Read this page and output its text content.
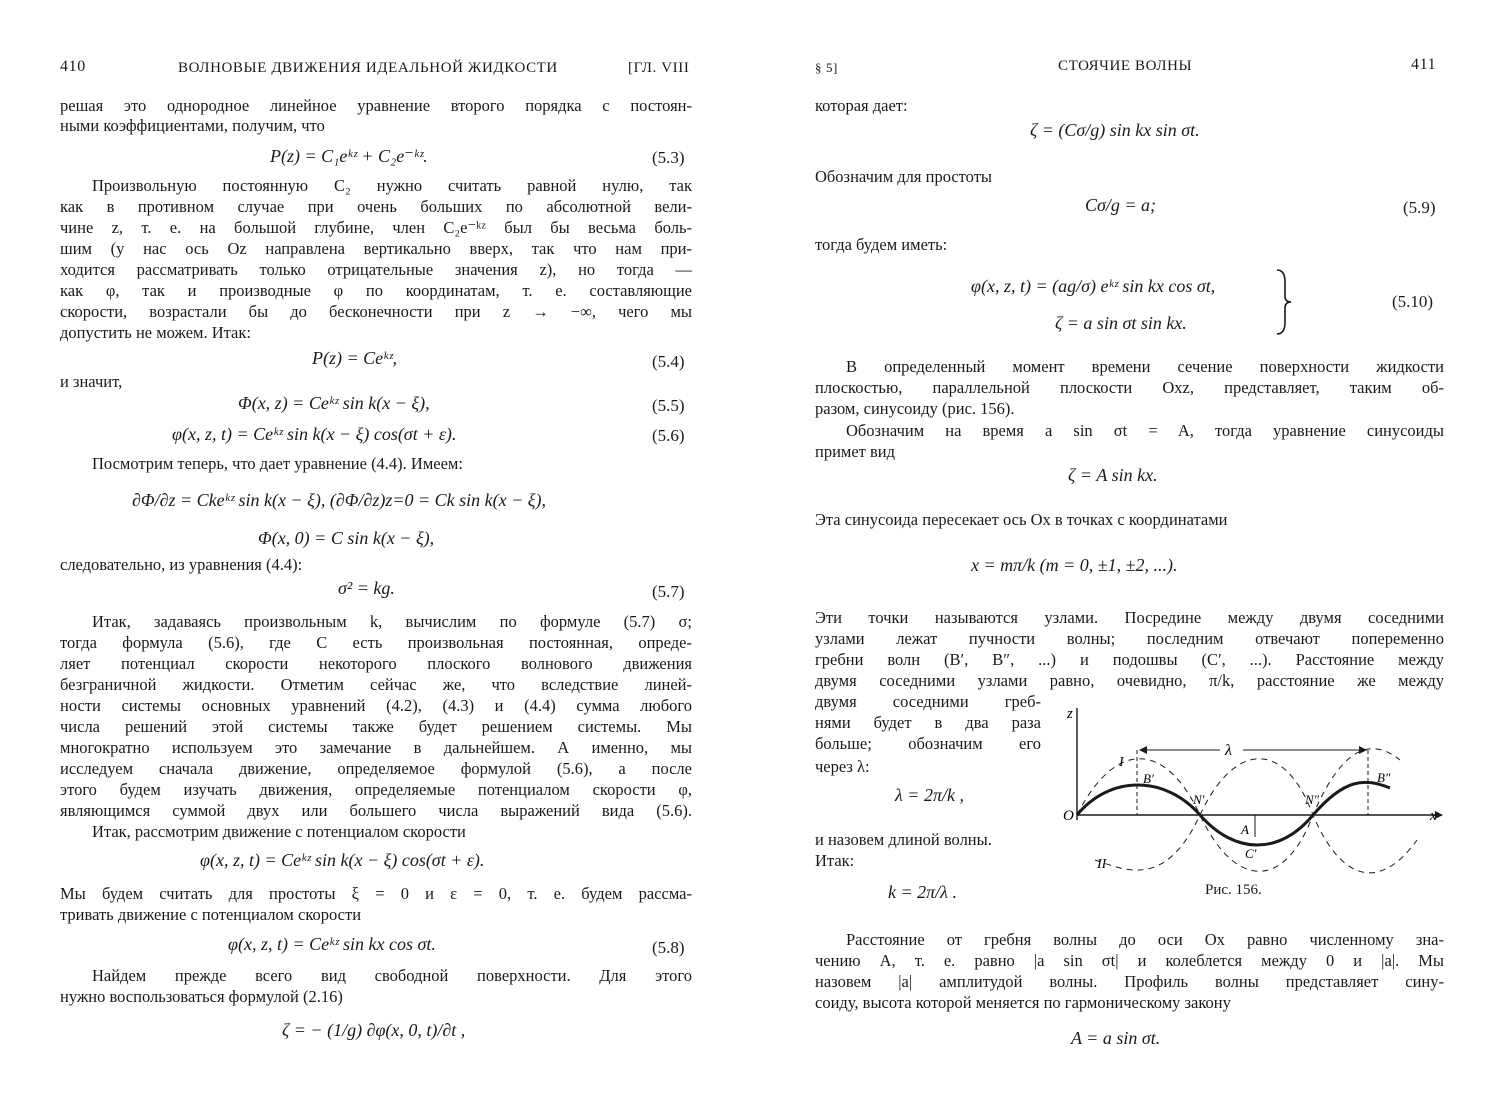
410	ВОЛНОВЫЕ ДВИЖЕНИЯ ИДЕАЛЬНОЙ ЖИДКОСТИ	[ГЛ. VIII
решая это однородное линейное уравнение второго порядка с постоян-
ными коэффициентами, получим, что
P(z) = C₁eᵏᶻ + C₂e⁻ᵏᶻ.	(5.3)
Произвольную постоянную C₂ нужно считать равной нулю, так
как в противном случае при очень больших по абсолютной вели-
чине z, т. е. на большой глубине, член C₂e⁻ᵏᶻ был бы весьма боль-
шим (у нас ось Oz направлена вертикально вверх, так что нам при-
ходится рассматривать только отрицательные значения z), но тогда —
как φ, так и производные φ по координатам, т. е. составляющие
скорости, возрастали бы до бесконечности при z → −∞, чего мы
допустить не можем. Итак:
P(z) = Ceᵏᶻ,	(5.4)
и значит,
Φ(x, z) = Ceᵏᶻ sin k(x − ξ),	(5.5)
φ(x, z, t) = Ceᵏᶻ sin k(x − ξ) cos(σt + ε).	(5.6)
Посмотрим теперь, что дает уравнение (4.4). Имеем:
∂Φ/∂z = Ckeᵏᶻ sin k(x − ξ), (∂Φ/∂z)z=0 = Ck sin k(x − ξ),
Φ(x, 0) = C sin k(x − ξ),
следовательно, из уравнения (4.4):
σ² = kg.	(5.7)
Итак, задаваясь произвольным k, вычислим по формуле (5.7) σ;
тогда формула (5.6), где C есть произвольная постоянная, опреде-
ляет потенциал скорости некоторого плоского волнового движения
безграничной жидкости. Отметим сейчас же, что вследствие линей-
ности системы основных уравнений (4.2), (4.3) и (4.4) сумма любого
числа решений этой системы также будет решением системы. Мы
многократно используем это замечание в дальнейшем. А именно, мы
исследуем сначала движение, определяемое формулой (5.6), а после
этого будем изучать движения, определяемые потенциалом скорости φ,
являющимся суммой двух или большего числа выражений вида (5.6).
Итак, рассмотрим движение с потенциалом скорости
φ(x, z, t) = Ceᵏᶻ sin k(x − ξ) cos(σt + ε).
Мы будем считать для простоты ξ = 0 и ε = 0, т. е. будем рассма-
тривать движение с потенциалом скорости
φ(x, z, t) = Ceᵏᶻ sin kx cos σt.	(5.8)
Найдем прежде всего вид свободной поверхности. Для этого
нужно воспользоваться формулой (2.16)
ζ = − (1/g) ∂φ(x, 0, t)/∂t ,
§ 5]	СТОЯЧИЕ ВОЛНЫ	411
которая дает:
ζ = (Cσ/g) sin kx sin σt.
Обозначим для простоты
Cσ/g = a;	(5.9)
тогда будем иметь:
φ(x, z, t) = (ag/σ) eᵏᶻ sin kx cos σt,
ζ = a sin σt sin kx.
(5.10)
В определенный момент времени сечение поверхности жидкости
плоскостью, параллельной плоскости Oxz, представляет, таким об-
разом, синусоиду (рис. 156).
Обозначим на время a sin σt = A, тогда уравнение синусоиды
примет вид
ζ = A sin kx.
Эта синусоида пересекает ось Ox в точках с координатами
x = mπ/k (m = 0, ±1, ±2, ...).
Эти точки называются узлами. Посредине между двумя соседними
узлами лежат пучности волны; последним отвечают попеременно
гребни волн (B′, B″, ...) и подошвы (C′, ...). Расстояние между
двумя соседними узлами равно, очевидно, π/k, расстояние же между
двумя соседними греб-
нями будет в два раза
больше; обозначим его
через λ:
λ = 2π/k ,
и назовем длиной волны.
Итак:
k = 2π/λ .
z
x
O
λ
I
II
B′	B″
N′	N″
A
C′
Рис. 156.
Расстояние от гребня волны до оси Ox равно численному зна-
чению A, т. е. равно |a sin σt| и колеблется между 0 и |a|. Мы
назовем |a| амплитудой волны. Профиль волны представляет сину-
соиду, высота которой меняется по гармоническому закону
A = a sin σt.
